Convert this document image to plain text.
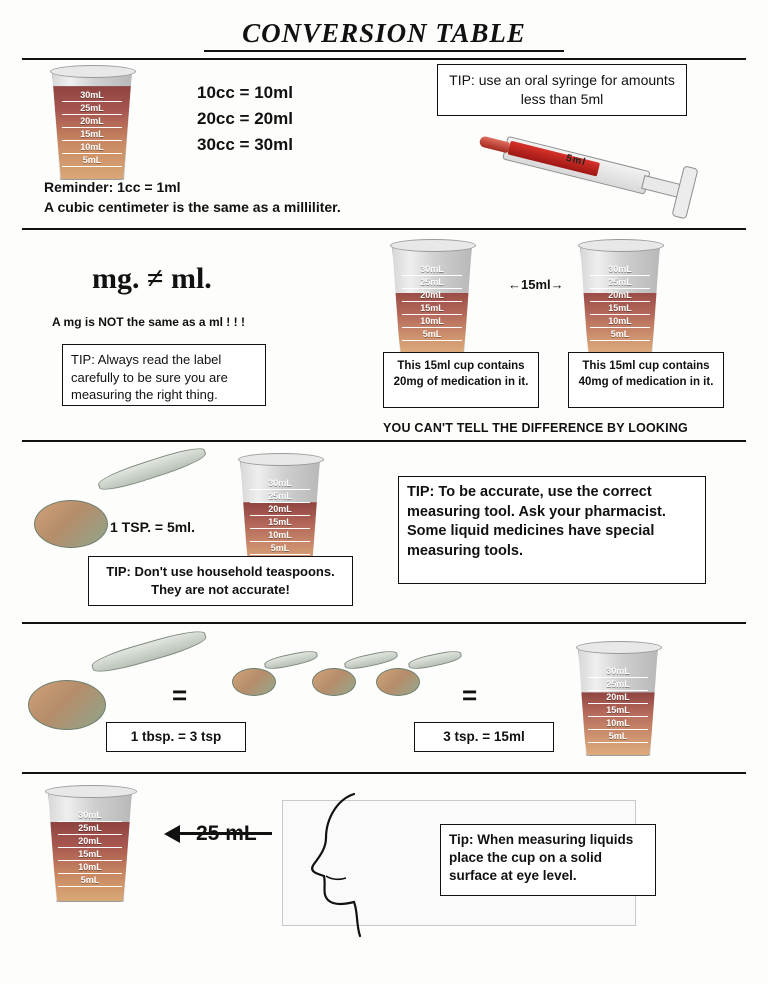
CONVERSION TABLE
30mL
25mL
20mL
15mL
10mL
5mL
10cc = 10ml
20cc = 20ml
30cc = 30ml
Reminder: 1cc = 1ml
A cubic centimeter is the same as a milliliter.
TIP: use an oral syringe for amounts less than 5ml
5ml
mg. ≠ ml.
A mg is NOT the same as a ml ! ! !
TIP: Always read the label carefully to be sure you are measuring the right thing.
30mL
25mL
20mL
15mL
10mL
5mL
←15ml→
30mL
25mL
20mL
15mL
10mL
5mL
This 15ml cup contains 20mg of medication in it.
This 15ml cup contains 40mg of medication in it.
YOU CAN'T TELL THE DIFFERENCE BY LOOKING
1 TSP. = 5ml.
30mL
25mL
20mL
15mL
10mL
5mL
TIP: Don't use household teaspoons. They are not accurate!
TIP: To be accurate, use the correct measuring tool. Ask your pharmacist. Some liquid medicines have special measuring tools.
=	=
30mL
25mL
20mL
15mL
10mL
5mL
1 tbsp. = 3 tsp	3 tsp. = 15ml
30mL
25mL
20mL
15mL
10mL
5mL
25 mL	Tip: When measuring liquids place the cup on a solid surface at eye level.
